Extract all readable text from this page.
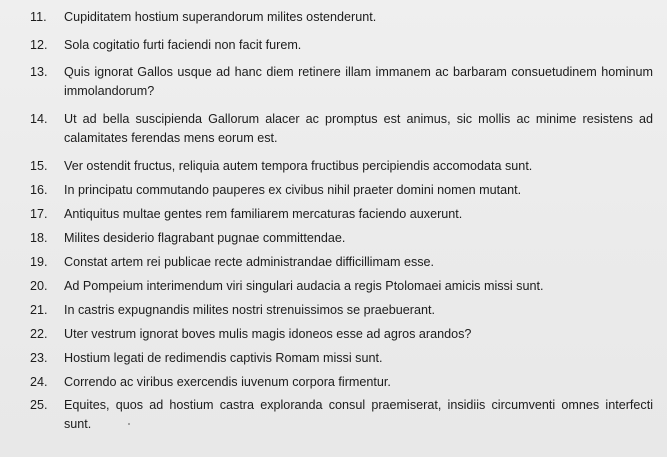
11.	Cupiditatem hostium superandorum milites ostenderunt.
12.	Sola cogitatio furti faciendi non facit furem.
13.	Quis ignorat Gallos usque ad hanc diem retinere illam immanem ac barbaram consuetudinem hominum immolandorum?
14.	Ut ad bella suscipienda Gallorum alacer ac promptus est animus, sic mollis ac minime resistens ad calamitates ferendas mens eorum est.
15.	Ver ostendit fructus, reliquia autem tempora fructibus percipiendis accomodata sunt.
16.	In principatu commutando pauperes ex civibus nihil praeter domini nomen mutant.
17.	Antiquitus multae gentes rem familiarem mercaturas faciendo auxerunt.
18.	Milites desiderio flagrabant pugnae committendae.
19.	Constat artem rei publicae recte administrandae difficillimam esse.
20.	Ad Pompeium interimendum viri singulari audacia a regis Ptolomaei amicis missi sunt.
21.	In castris expugnandis milites nostri strenuissimos se praebuerant.
22.	Uter vestrum ignorat boves mulis magis idoneos esse ad agros arandos?
23.	Hostium legati de redimendis captivis Romam missi sunt.
24.	Correndo ac viribus exercendis iuvenum corpora firmentur.
25.	Equites, quos ad hostium castra exploranda consul praemiserat, insidiis circumventi omnes interfecti sunt.
